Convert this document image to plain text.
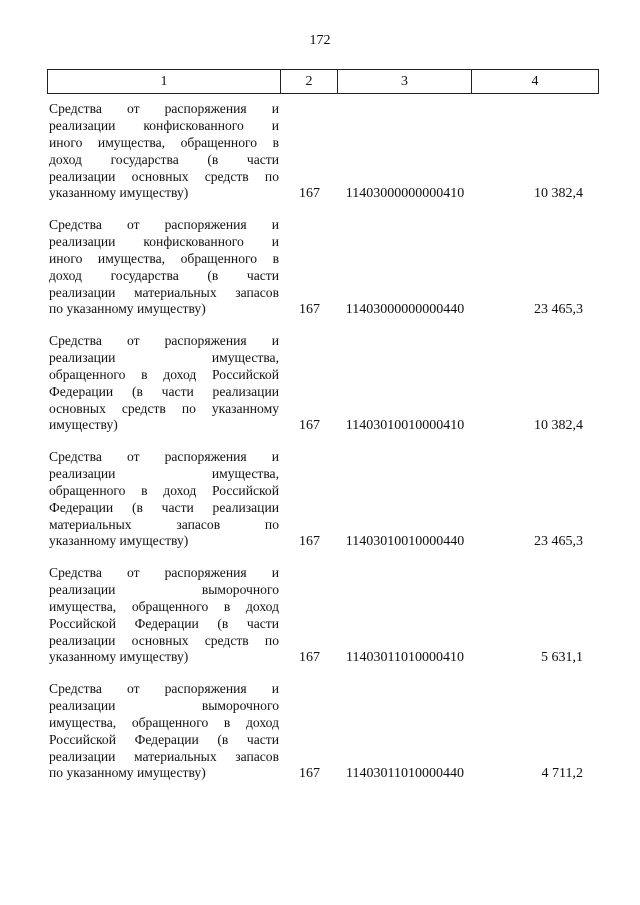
172
1	2	3	4
Средства от распоряжения и
реализации конфискованного и
иного имущества, обращенного в
доход государства (в части
реализации основных средств по
указанному имуществу)	167	11403000000000410	10 382,4
Средства от распоряжения и
реализации конфискованного и
иного имущества, обращенного в
доход государства (в части
реализации материальных запасов
по указанному имуществу)	167	11403000000000440	23 465,3
Средства от распоряжения и
реализации имущества,
обращенного в доход Российской
Федерации (в части реализации
основных средств по указанному
имуществу)	167	11403010010000410	10 382,4
Средства от распоряжения и
реализации имущества,
обращенного в доход Российской
Федерации (в части реализации
материальных запасов по
указанному имуществу)	167	11403010010000440	23 465,3
Средства от распоряжения и
реализации выморочного
имущества, обращенного в доход
Российской Федерации (в части
реализации основных средств по
указанному имуществу)	167	11403011010000410	5 631,1
Средства от распоряжения и
реализации выморочного
имущества, обращенного в доход
Российской Федерации (в части
реализации материальных запасов
по указанному имуществу)	167	11403011010000440	4 711,2
